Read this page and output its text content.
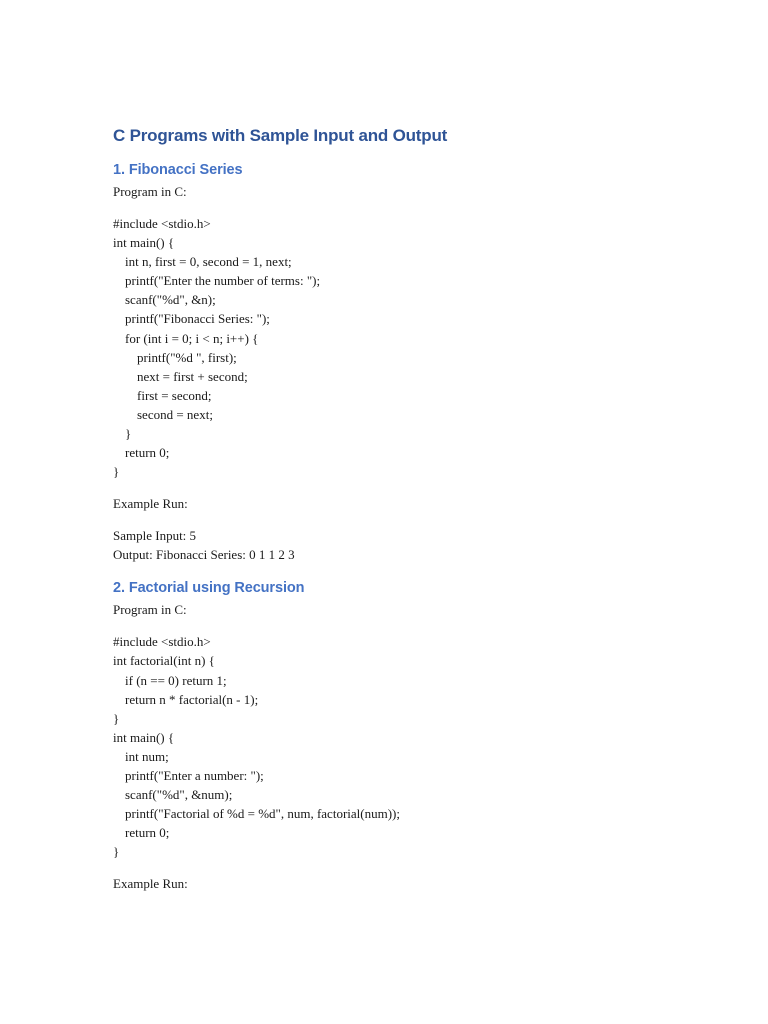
C Programs with Sample Input and Output
1. Fibonacci Series

Program in C:

#include <stdio.h>
int main() {
int n, first = 0, second = 1, next;
printf("Enter the number of terms: ");
scanf("%d", &n);
printf("Fibonacci Series: ");
for (int i = 0; i < n; i++) {
printf("%d ", first);
next = first + second;
first = second;
second = next;
}
return 0;
}

Example Run:

Sample Input: 5

Output: Fibonacci Series: 0 1 1 2 3

2. Factorial using Recursion

Program in C:

#include <stdio.h>
int factorial(int n) {
if (n == 0) return 1;
return n * factorial(n - 1);
}
int main() {
int num;
printf("Enter a number: ");
scanf("%d", &num);
printf("Factorial of %d = %d", num, factorial(num));
return 0;
}

Example Run:
